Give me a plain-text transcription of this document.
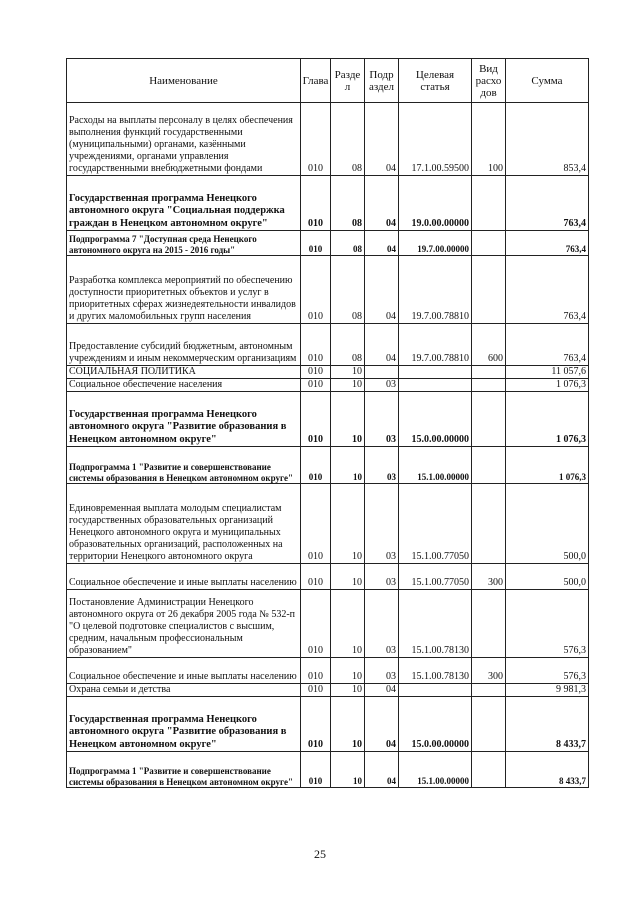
Наименование	Глава	Разде л	Подр аздел	Целевая статья	Вид расхо дов	Сумма

Расходы на выплаты персоналу в целях обеспечения выполнения функций государственными (муниципальными) органами, казёнными учреждениями, органами управления государственными внебюджетными фондами	010	08	04	17.1.00.59500	100	853,4

Государственная программа Ненецкого автономного округа "Социальная поддержка граждан в Ненецком автономном округе"	010	08	04	19.0.00.00000		763,4

Подпрограмма 7 "Доступная среда Ненецкого автономного округа на 2015 - 2016 годы"	010	08	04	19.7.00.00000		763,4

Разработка комплекса мероприятий по обеспечению доступности приоритетных объектов и услуг в приоритетных сферах жизнедеятельности инвалидов и других маломобильных групп населения	010	08	04	19.7.00.78810		763,4

Предоставление субсидий бюджетным, автономным учреждениям и иным некоммерческим организациям	010	08	04	19.7.00.78810	600	763,4

СОЦИАЛЬНАЯ ПОЛИТИКА	010	10				11 057,6

Социальное обеспечение населения	010	10	03			1 076,3

Государственная программа Ненецкого автономного округа "Развитие образования в Ненецком автономном округе"	010	10	03	15.0.00.00000		1 076,3

Подпрограмма 1 "Развитие и совершенствование системы образования в Ненецком автономном округе"	010	10	03	15.1.00.00000		1 076,3

Единовременная выплата молодым специалистам государственных образовательных организаций Ненецкого автономного округа и муниципальных образовательных организаций, расположенных на территории Ненецкого автономного округа	010	10	03	15.1.00.77050		500,0

Социальное обеспечение и иные выплаты населению	010	10	03	15.1.00.77050	300	500,0

Постановление Администрации Ненецкого автономного округа от 26 декабря 2005 года № 532-п "О целевой подготовке специалистов с высшим, средним, начальным профессиональным образованием"	010	10	03	15.1.00.78130		576,3

Социальное обеспечение и иные выплаты населению	010	10	03	15.1.00.78130	300	576,3

Охрана семьи и детства	010	10	04			9 981,3

Государственная программа Ненецкого автономного округа "Развитие образования в Ненецком автономном округе"	010	10	04	15.0.00.00000		8 433,7

Подпрограмма 1 "Развитие и совершенствование системы образования в Ненецком автономном округе"	010	10	04	15.1.00.00000		8 433,7
25
